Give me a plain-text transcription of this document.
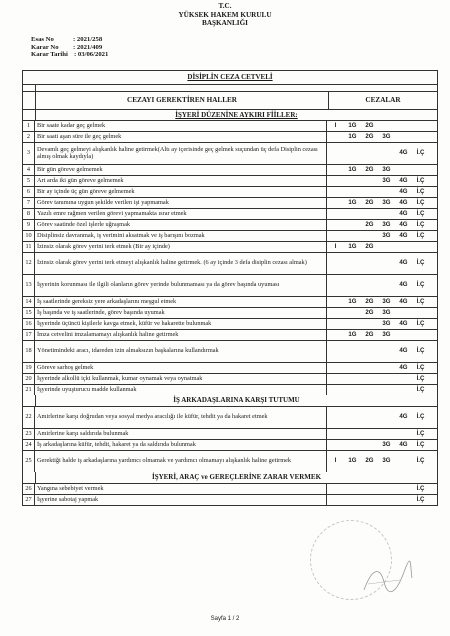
T.C.
YÜKSEK HAKEM KURULU
BAŞKANLIĞI
Esas No	: 2021/258
Karar No : 2021/409
Karar Tarihi : 03/06/2021
DİSİPLİN CEZA CETVELİ
CEZAYI GEREKTİREN HALLER	CEZALAR
İŞYERİ DÜZENİNE AYKIRI FİİLLER:
1	Bir saate kadar geç gelmek	I	1G	2G
2	Bir saati aşan süre ile geç gelmek	1G	2G	3G
3	Devamlı geç gelmeyi alışkanlık haline getirmek(Altı ay içerisinde geç gelmek suçundan üç defa Disiplin cezası almış olmak kaydıyla)	4G	İ.Ç
4	Bir gün göreve gelmemek	1G	2G	3G
5	Art arda iki gün göreve gelmemek	3G	4G	İ.Ç
6	Bir ay içinde üç gün göreve gelmemek	4G	İ.Ç
7	Görev tanımına uygun şekilde verilen işi yapmamak	1G	2G	3G	4G	İ.Ç
8	Yazılı emre rağmen verilen görevi yapmamakta ısrar etmek	4G	İ.Ç
9	Görev saatinde özel işlerle uğraşmak	2G	3G	4G	İ.Ç
10 Disiplinsiz davranmak, iş verimini aksatmak ve iş barışını bozmak	3G	4G	İ.Ç
11 İzinsiz olarak görev yerini terk etmek (Bir ay içinde)	I	1G	2G
12 İzinsiz olarak görev yerini terk etmeyi alışkanlık haline getirmek. (6 ay içinde 3 defa disiplin cezası almak)	4G	İ.Ç
13 İşyerinin korunması ile ilgili olanların görev yerinde bulunmaması ya da görev başında uyuması	4G	İ.Ç
14 İş saatlerinde gereksiz yere arkadaşlarını meşgul etmek	1G	2G	3G	4G	İ.Ç
15 İş başında ve iş saatlerinde, görev başında uyumak	2G	3G
16 İşyerinde üçüncü kişilerle kavga etmek, küfür ve hakarette bulunmak	3G	4G	İ.Ç
17 İmza cetvelini imzalamamayı alışkanlık haline getirmek	1G	2G	3G
18 Yönetimindeki aracı, idareden izin almaksızın başkalarına kullandırmak	4G	İ.Ç
19 Göreve sarhoş gelmek	4G	İ.Ç
20 İşyerinde alkollü içki kullanmak, kumar oynamak veya oynatmak	İ.Ç
21 İşyerinde uyuşturucu madde kullanmak	İ.Ç
İŞ ARKADAŞLARINA KARŞI TUTUMU
22 Amirlerine karşı doğrudan veya sosyal medya aracılığı ile küfür, tehdit ya da hakaret etmek	4G	İ.Ç
23 Amirlerine karşı saldırıda bulunmak	İ.Ç
24 İş arkadaşlarına küfür, tehdit, hakaret ya da saldırıda bulunmak	3G	4G	İ.Ç
25 Gerektiği halde iş arkadaşlarına yardımcı olmamak ve yardımcı olmamayı alışkanlık haline getirmek	I	1G	2G	3G	İ.Ç
İŞYERİ, ARAÇ ve GEREÇLERİNE ZARAR VERMEK
26 Yangına sebebiyet vermek	İ.Ç
27 İşyerine sabotaj yapmak	İ.Ç
Sayfa 1 / 2
